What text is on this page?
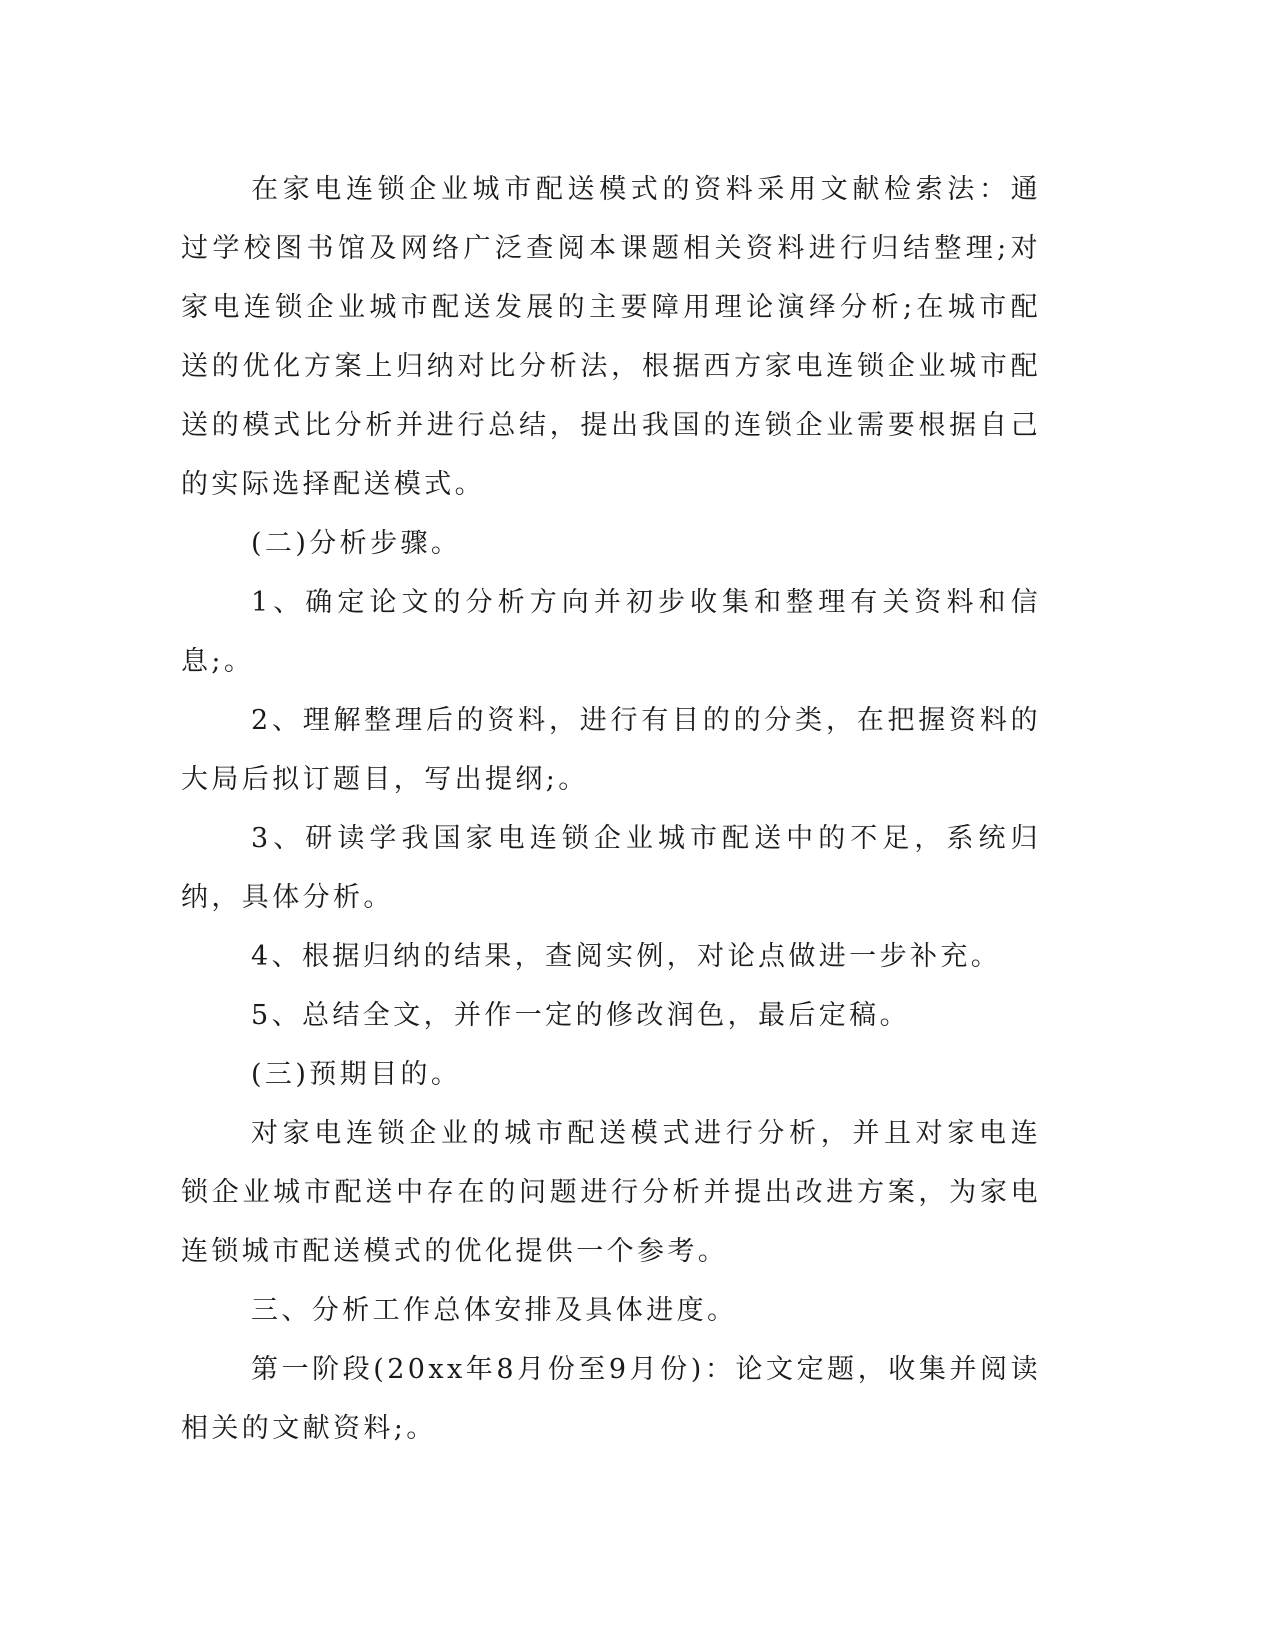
在家电连锁企业城市配送模式的资料采用文献检索法：通过学校图书馆及网络广泛查阅本课题相关资料进行归结整理;对家电连锁企业城市配送发展的主要障用理论演绎分析;在城市配送的优化方案上归纳对比分析法，根据西方家电连锁企业城市配送的模式比分析并进行总结，提出我国的连锁企业需要根据自己的实际选择配送模式。

(二)分析步骤。

1、确定论文的分析方向并初步收集和整理有关资料和信息;。

2、理解整理后的资料，进行有目的的分类，在把握资料的大局后拟订题目，写出提纲;。

3、研读学我国家电连锁企业城市配送中的不足，系统归纳，具体分析。

4、根据归纳的结果，查阅实例，对论点做进一步补充。

5、总结全文，并作一定的修改润色，最后定稿。

(三)预期目的。

对家电连锁企业的城市配送模式进行分析，并且对家电连锁企业城市配送中存在的问题进行分析并提出改进方案，为家电连锁城市配送模式的优化提供一个参考。

三、分析工作总体安排及具体进度。

第一阶段(20xx年8月份至9月份)：论文定题，收集并阅读相关的文献资料;。
